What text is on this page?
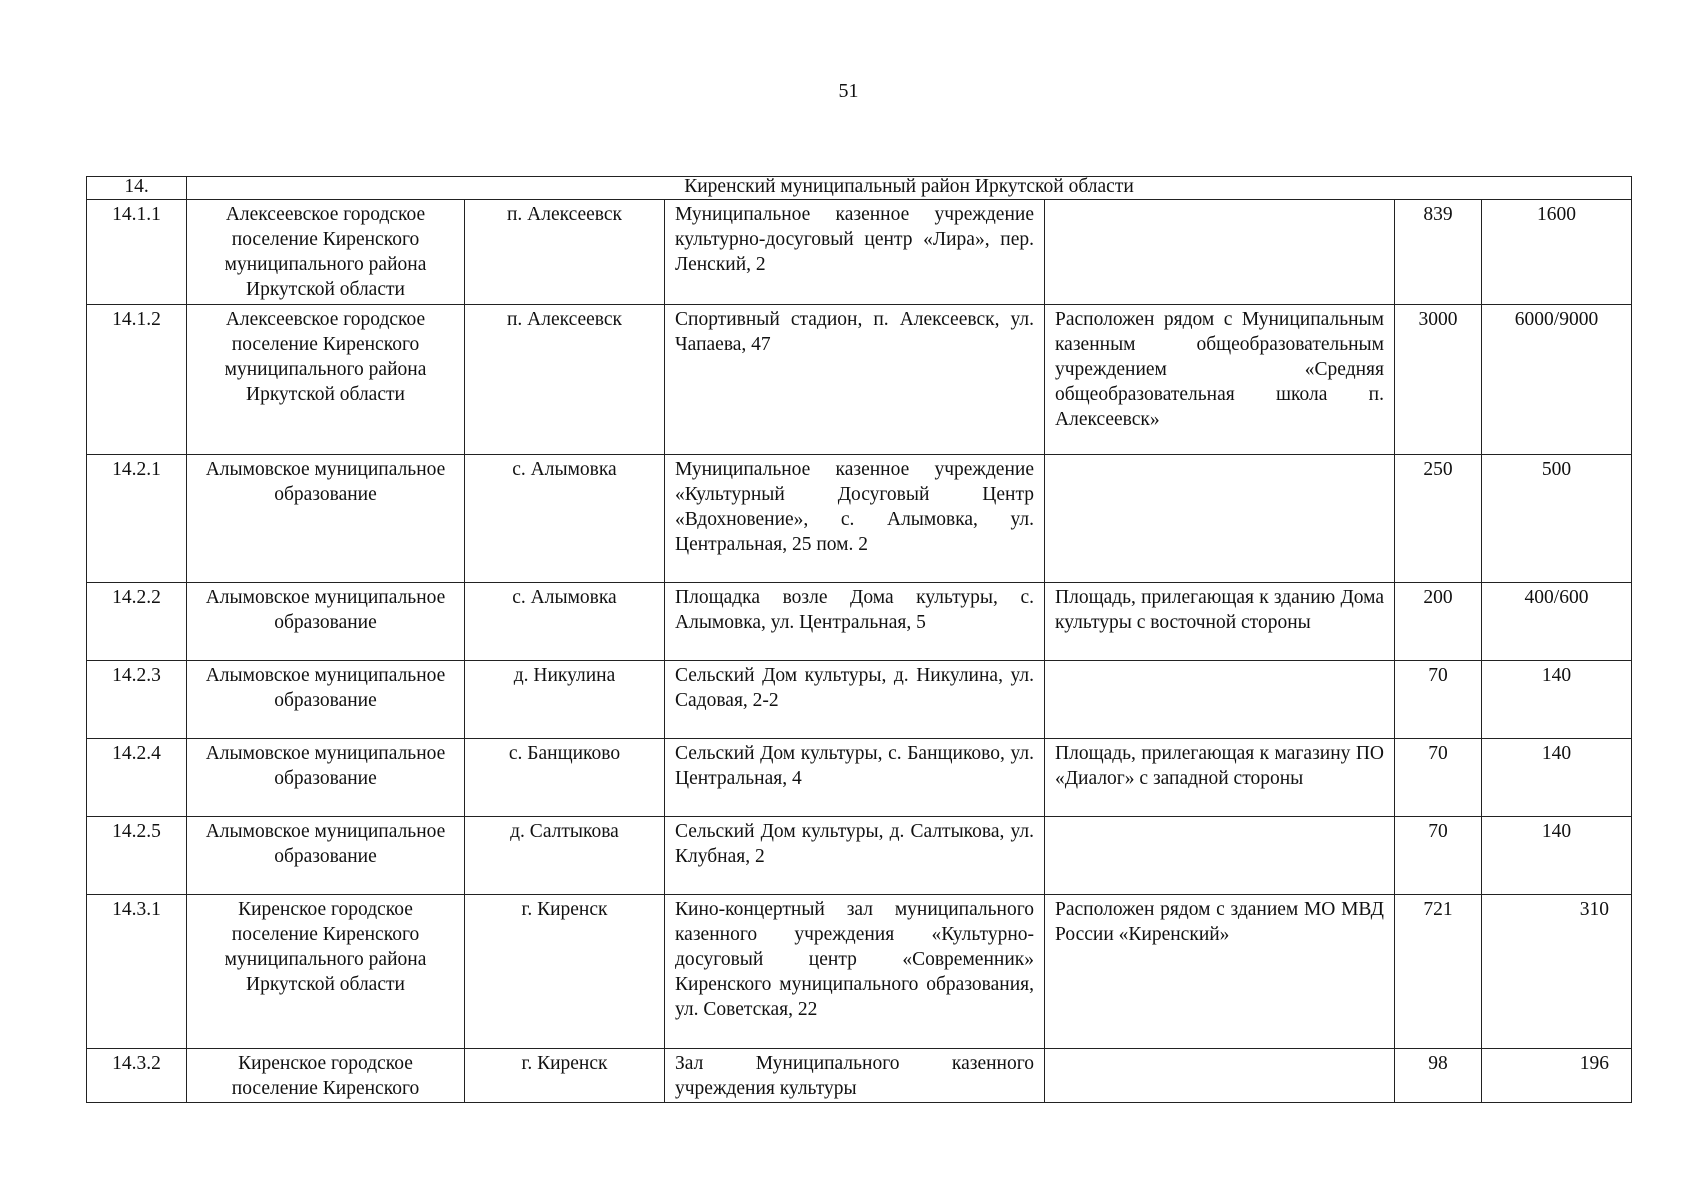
51
14.	Киренский муниципальный район Иркутской области					
14.1.1	Алексеевское городское поселение Киренского муниципального района Иркутской области	п. Алексеевск	Муниципальное казенное учреждение культурно-досуговый центр «Лира», пер. Ленский, 2		839	1600
14.1.2	Алексеевское городское поселение Киренского муниципального района Иркутской области	п. Алексеевск	Спортивный стадион, п. Алексеевск, ул. Чапаева, 47	Расположен рядом с Муниципальным казенным общеобразовательным учреждением «Средняя общеобразовательная школа п. Алексеевск»	3000	6000/9000
14.2.1	Алымовское муниципальное образование	с. Алымовка	Муниципальное казенное учреждение «Культурный Досуговый Центр «Вдохновение», с. Алымовка, ул. Центральная, 25 пом. 2		250	500
14.2.2	Алымовское муниципальное образование	с. Алымовка	Площадка возле Дома культуры, с. Алымовка, ул. Центральная, 5	Площадь, прилегающая к зданию Дома культуры с восточной стороны	200	400/600
14.2.3	Алымовское муниципальное образование	д. Никулина	Сельский Дом культуры, д. Никулина, ул. Садовая, 2-2		70	140
14.2.4	Алымовское муниципальное образование	с. Банщиково	Сельский Дом культуры, с. Банщиково, ул. Центральная, 4	Площадь, прилегающая к магазину ПО «Диалог» с западной стороны	70	140
14.2.5	Алымовское муниципальное образование	д. Салтыкова	Сельский Дом культуры, д. Салтыкова, ул. Клубная, 2		70	140
14.3.1	Киренское городское поселение Киренского муниципального района Иркутской области	г. Киренск	Кино-концертный зал муниципального казенного учреждения «Культурно-досуговый центр «Современник» Киренского муниципального образования, ул. Советская, 22	Расположен рядом с зданием МО МВД России «Киренский»	721	310
14.3.2	Киренское городское поселение Киренского	г. Киренск	Зал Муниципального казенного учреждения культуры		98	196
